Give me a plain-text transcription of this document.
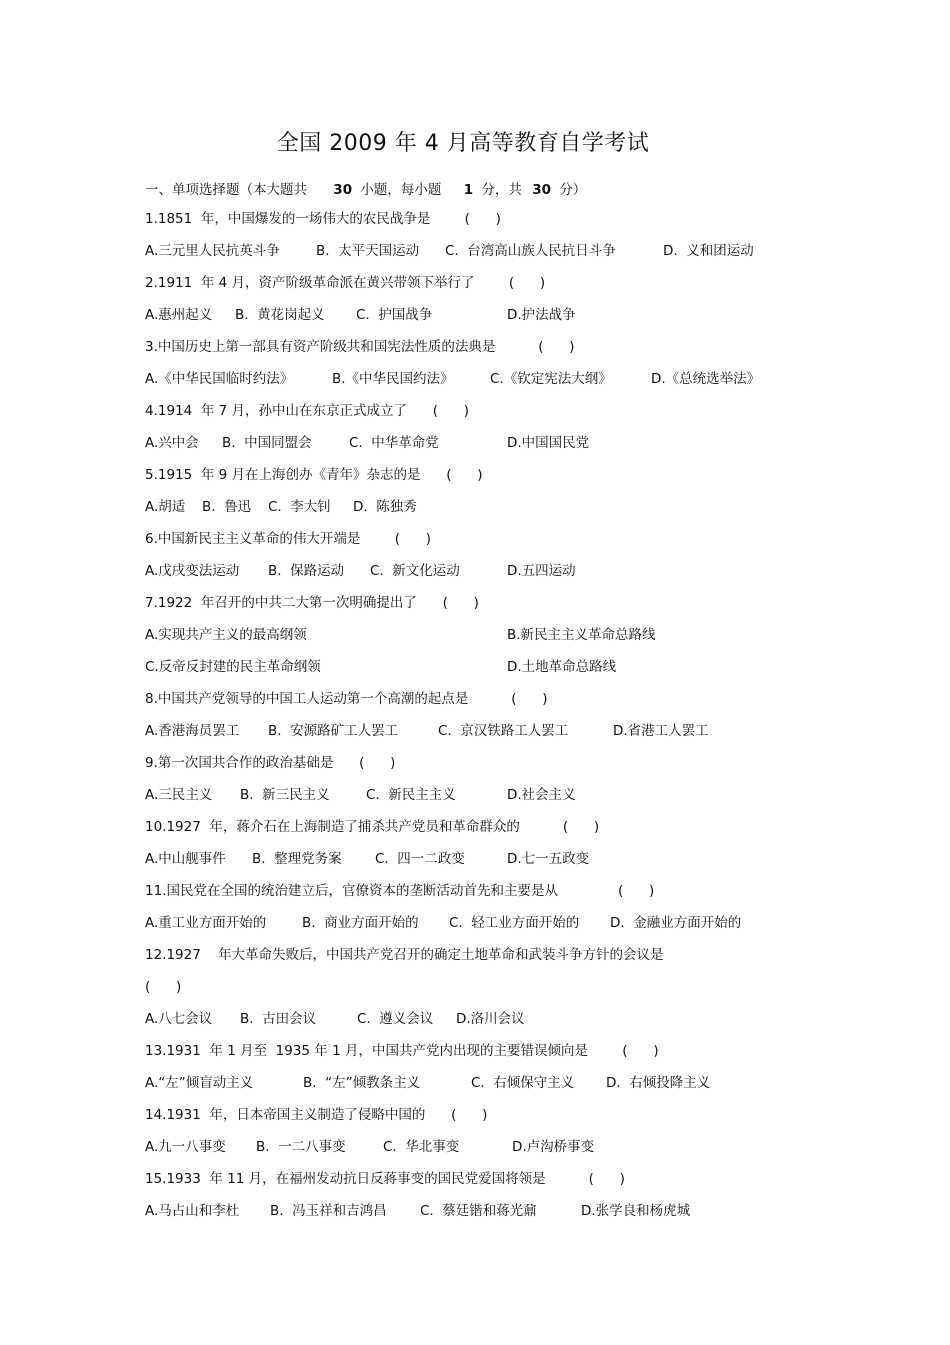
全国 2009 年 4 月高等教育自学考试
一、单项选择题（本大题共 30 小题，每小题 1 分，共 30 分）
1.1851  年，中国爆发的一场伟大的农民战争是        (      )
A.三元里人民抗英斗争	B.  太平天国运动 C.  台湾高山族人民抗日斗争	D.  义和团运动
2.1911  年 4 月，资产阶级革命派在黄兴带领下举行了        (      )
A.惠州起义 B.  黄花岗起义 C.  护国战争	D.护法战争
3.中国历史上第一部具有资产阶级共和国宪法性质的法典是          (      )
A.《中华民国临时约法》	B.《中华民国约法》	C.《钦定宪法大纲》	D.《总统选举法》
4.1914  年 7 月，孙中山在东京正式成立了      (      )
A.兴中会 B.  中国同盟会	C.  中华革命党	D.中国国民党
5.1915  年 9 月在上海创办《青年》杂志的是      (      )
A.胡适 B.  鲁迅 C.  李大钊 D.  陈独秀
6.中国新民主主义革命的伟大开端是        (      )
A.戊戌变法运动 B.  保路运动 C.  新文化运动	D.五四运动
7.1922  年召开的中共二大第一次明确提出了      (      )
A.实现共产主义的最高纲领	B.新民主主义革命总路线
C.反帝反封建的民主革命纲领	D.土地革命总路线
8.中国共产党领导的中国工人运动第一个高潮的起点是          (      )
A.香港海员罢工 B.  安源路矿工人罢工	C.  京汉铁路工人罢工	D.省港工人罢工
9.第一次国共合作的政治基础是      (      )
A.三民主义 B.  新三民主义	C.  新民主主义	D.社会主义
10.1927  年，蒋介石在上海制造了捕杀共产党员和革命群众的          (      )
A.中山舰事件 B.  整理党务案 C.  四一二政变	D.七一五政变
11.国民党在全国的统治建立后，官僚资本的垄断活动首先和主要是从              (      )
A.重工业方面开始的	B.  商业方面开始的 C.  轻工业方面开始的 D.  金融业方面开始的
12.1927    年大革命失败后，中国共产党召开的确定土地革命和武装斗争方针的会议是
(      )
A.八七会议 B.  古田会议	C.  遵义会议 D.洛川会议
13.1931  年 1 月至  1935 年 1 月，中国共产党内出现的主要错误倾向是        (      )
A.“左”倾盲动主义	B.  “左”倾教条主义	C.  右倾保守主义 D.  右倾投降主义
14.1931  年，日本帝国主义制造了侵略中国的      (      )
A.九一八事变 B.  一二八事变	C.  华北事变	D.卢沟桥事变
15.1933  年 11 月，在福州发动抗日反蒋事变的国民党爱国将领是          (      )
A.马占山和李杜 B.  冯玉祥和吉鸿昌 C.  蔡廷锴和蒋光鼐	D.张学良和杨虎城
